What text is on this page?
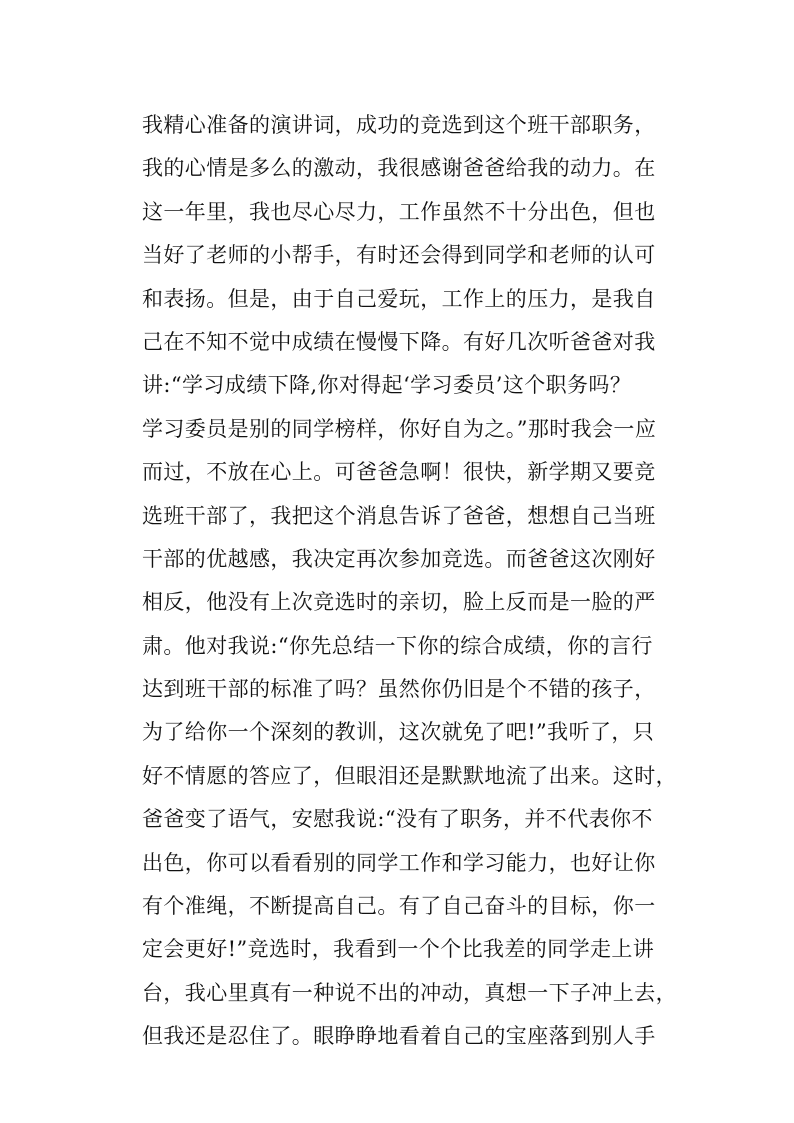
我精心准备的演讲词，成功的竞选到这个班干部职务，
我的心情是多么的激动，我很感谢爸爸给我的动力。在
这一年里，我也尽心尽力，工作虽然不十分出色，但也
当好了老师的小帮手，有时还会得到同学和老师的认可
和表扬。但是，由于自己爱玩，工作上的压力，是我自
己在不知不觉中成绩在慢慢下降。有好几次听爸爸对我
讲:“学习成绩下降,你对得起‘学习委员’这个职务吗？
学习委员是别的同学榜样，你好自为之。”那时我会一应
而过，不放在心上。可爸爸急啊！很快，新学期又要竞
选班干部了，我把这个消息告诉了爸爸，想想自己当班
干部的优越感，我决定再次参加竞选。而爸爸这次刚好
相反，他没有上次竞选时的亲切，脸上反而是一脸的严
肃。他对我说:“你先总结一下你的综合成绩，你的言行
达到班干部的标准了吗？虽然你仍旧是个不错的孩子，
为了给你一个深刻的教训，这次就免了吧!”我听了，只
好不情愿的答应了，但眼泪还是默默地流了出来。这时，
爸爸变了语气，安慰我说:“没有了职务，并不代表你不
出色，你可以看看别的同学工作和学习能力，也好让你
有个准绳，不断提高自己。有了自己奋斗的目标，你一
定会更好!”竞选时，我看到一个个比我差的同学走上讲
台，我心里真有一种说不出的冲动，真想一下子冲上去，
但我还是忍住了。眼睁睁地看着自己的宝座落到别人手
